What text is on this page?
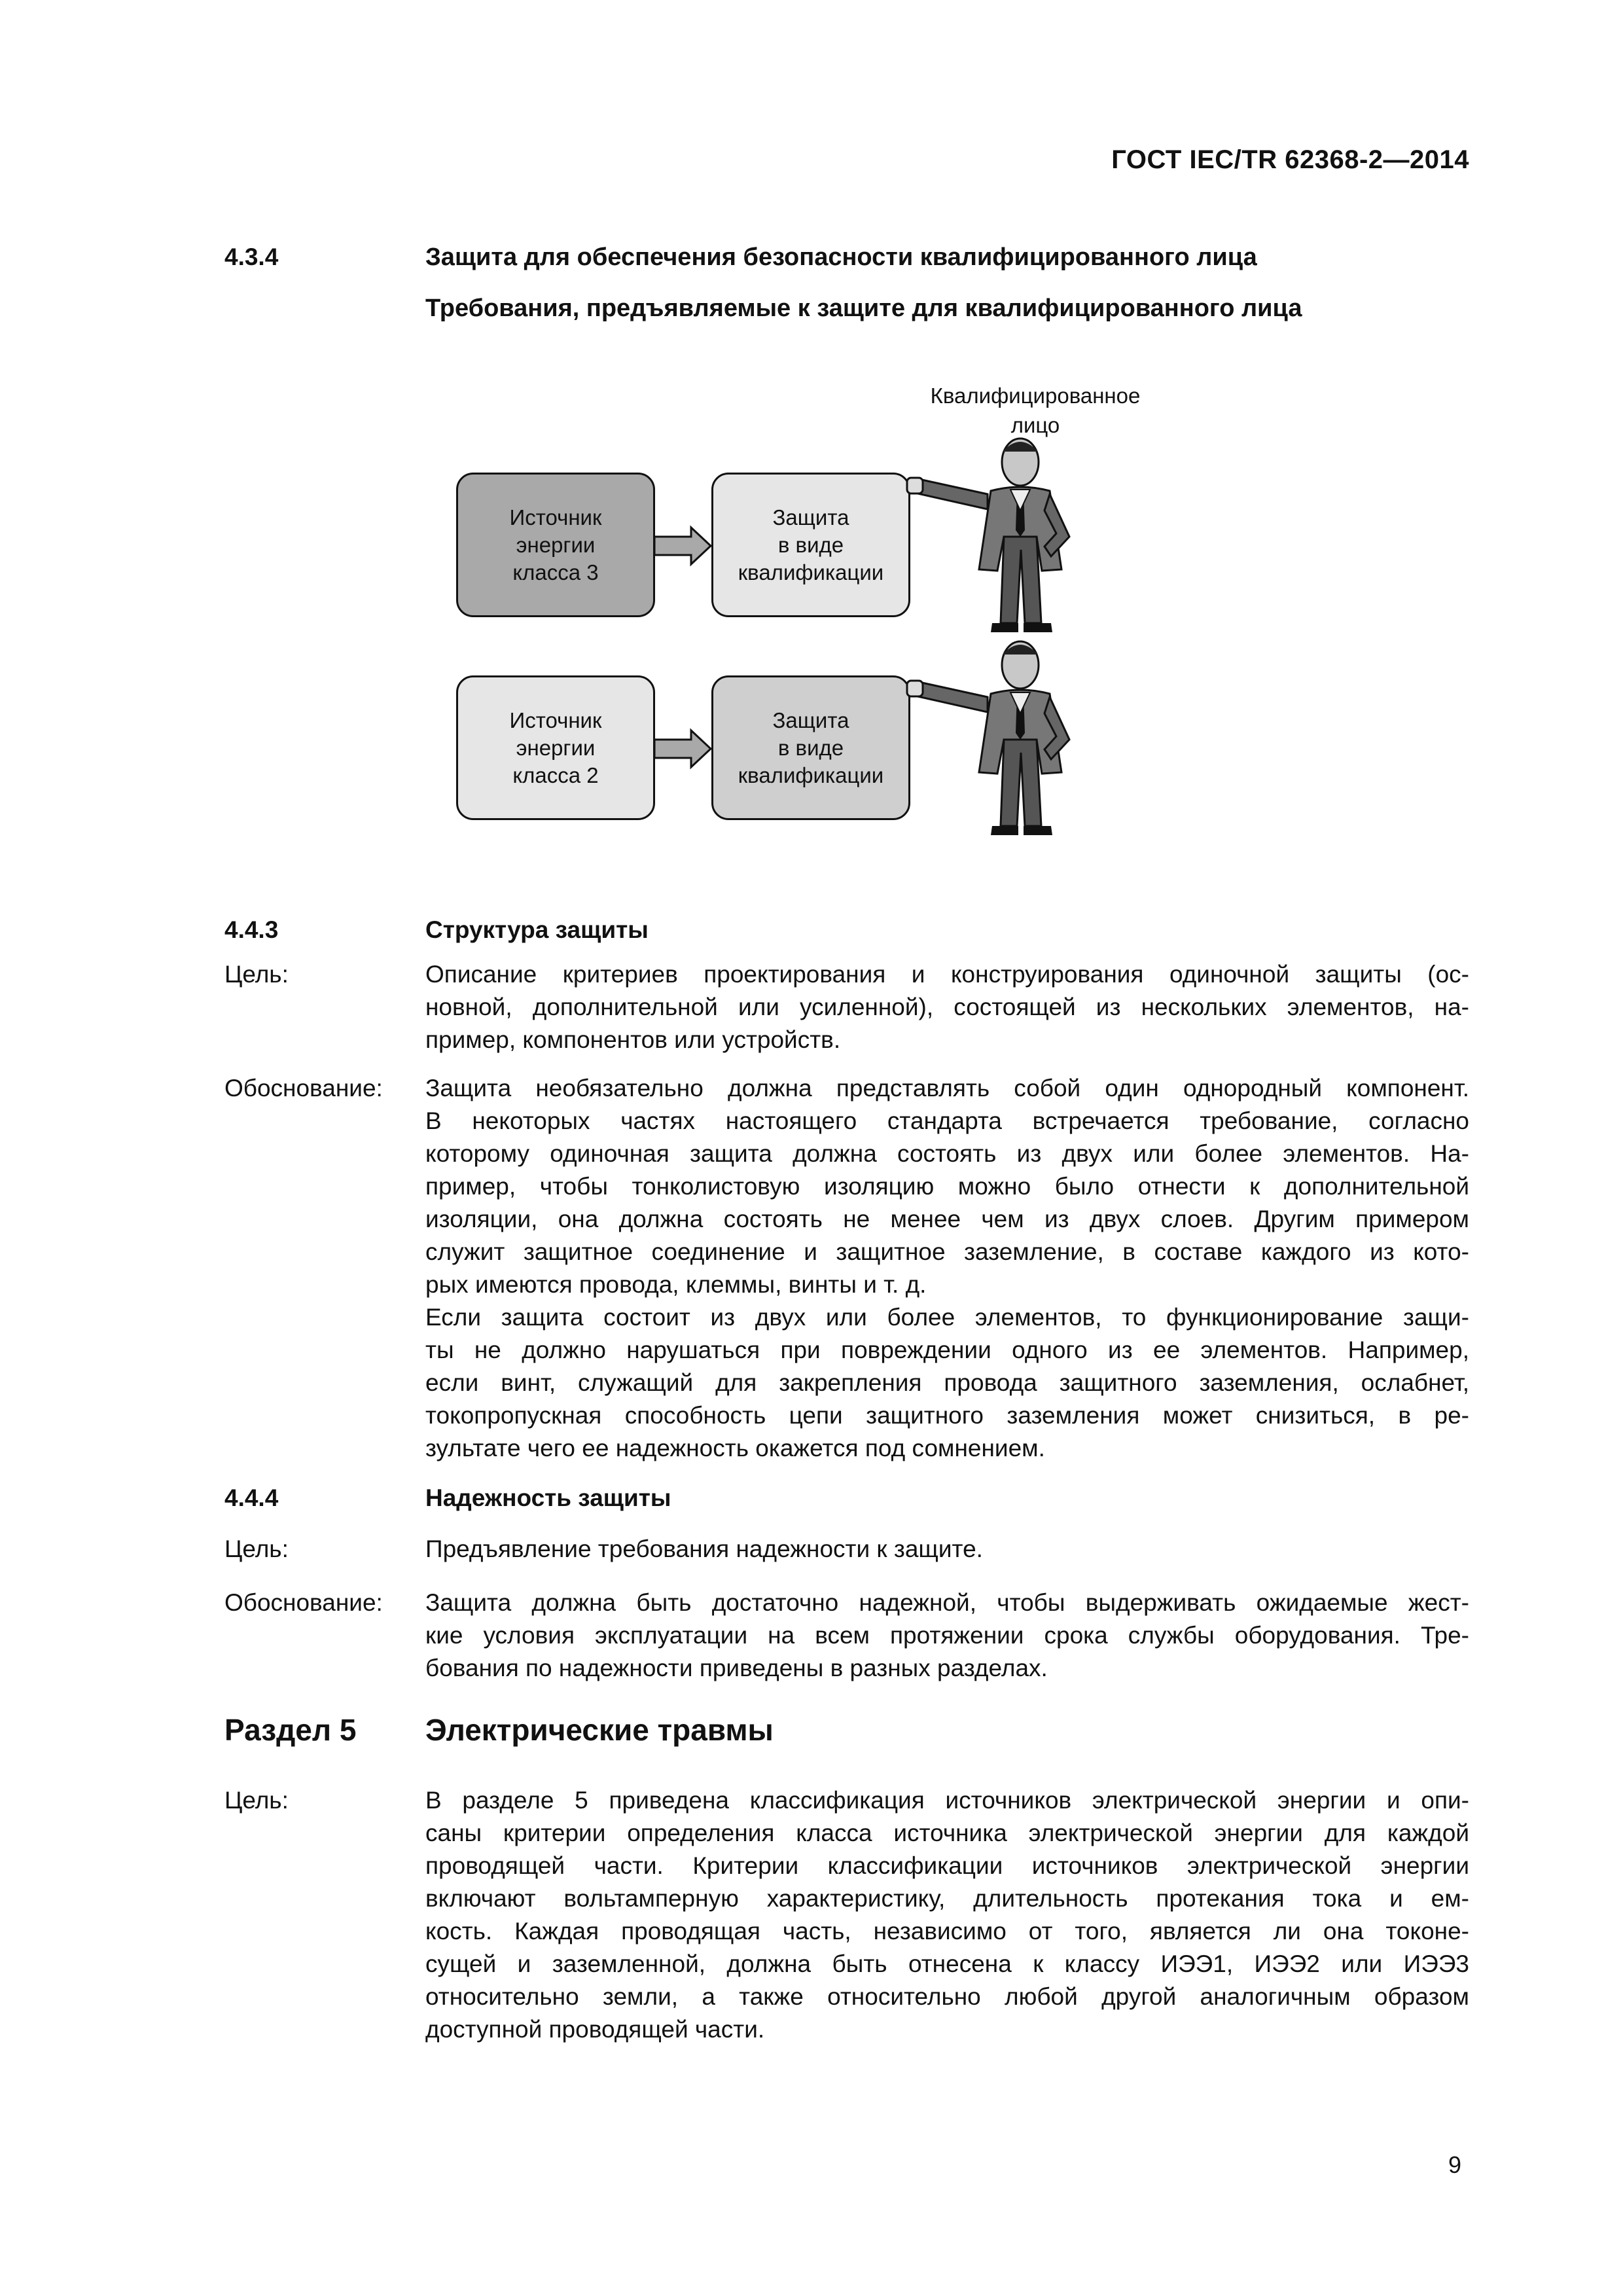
ГОСТ IEC/TR 62368-2—2014
4.3.4	Защита для обеспечения безопасности квалифицированного лица
Требования, предъявляемые к защите для квалифицированного лица
Квалифицированное
лицо
Источник
энергии
класса 3
Защита
в виде
квалификации
Источник
энергии
класса 2
Защита
в виде
квалификации
4.4.3	Структура защиты
Цель:	Описание критериев проектирования и конструирования одиночной защиты (ос-
новной, дополнительной или усиленной), состоящей из нескольких элементов, на-
пример, компонентов или устройств.
Обоснование: Защита необязательно должна представлять собой один однородный компонент.
В некоторых частях настоящего стандарта встречается требование, согласно
которому одиночная защита должна состоять из двух или более элементов. На-
пример, чтобы тонколистовую изоляцию можно было отнести к дополнительной
изоляции, она должна состоять не менее чем из двух слоев. Другим примером
служит защитное соединение и защитное заземление, в составе каждого из кото-
рых имеются провода, клеммы, винты и т. д.
Если защита состоит из двух или более элементов, то функционирование защи-
ты не должно нарушаться при повреждении одного из ее элементов. Например,
если винт, служащий для закрепления провода защитного заземления, ослабнет,
токопропускная способность цепи защитного заземления может снизиться, в ре-
зультате чего ее надежность окажется под сомнением.
4.4.4	Надежность защиты
Цель:	Предъявление требования надежности к защите.
Обоснование: Защита должна быть достаточно надежной, чтобы выдерживать ожидаемые жест-
кие условия эксплуатации на всем протяжении срока службы оборудования. Тре-
бования по надежности приведены в разных разделах.
Раздел 5 Электрические травмы
Цель:	В разделе 5 приведена классификация источников электрической энергии и опи-
саны критерии определения класса источника электрической энергии для каждой
проводящей части. Критерии классификации источников электрической энергии
включают вольтамперную характеристику, длительность протекания тока и ем-
кость. Каждая проводящая часть, независимо от того, является ли она токоне-
сущей и заземленной, должна быть отнесена к классу ИЭЭ1, ИЭЭ2 или ИЭЭ3
относительно земли, а также относительно любой другой аналогичным образом
доступной проводящей части.
9
